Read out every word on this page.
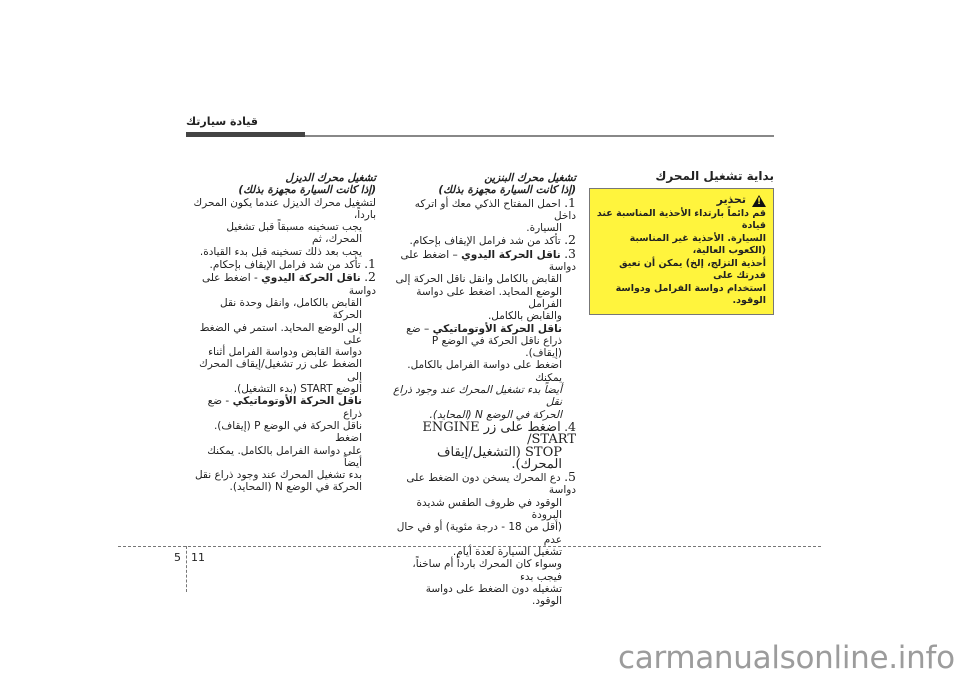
قيادة سيارتك
بداية تشغيل المحرك
!
تحذير
قم دائماً بارتداء الأحذية المناسبة عند قيادة
السيارة. الأحذية غير المناسبة (الكعوب العالية،
أحذية التزلج، إلخ) يمكن أن تعيق قدرتك على
استخدام دواسة الفرامل ودواسة الوقود.
تشغيل محرك البنزين
(إذا كانت السيارة مجهزة بذلك)
1. احمل المفتاح الذكي معك أو اتركه داخل
السيارة.
2. تأكد من شد فرامل الإيقاف بإحكام.
3. ناقل الحركة اليدوي – اضغط على دواسة
القابض بالكامل وانقل ناقل الحركة إلى
الوضع المحايد. اضغط على دواسة الفرامل
والقابض بالكامل.
ناقل الحركة الأوتوماتيكي – ضع
ذراع ناقل الحركة في الوضع P (إيقاف).
اضغط على دواسة الفرامل بالكامل. يمكنك
أيضاً بدء تشغيل المحرك عند وجود ذراع نقل
الحركة في الوضع N (المحايد).
4. اضغط على زر ENGINE START/
STOP (التشغيل/إيقاف المحرك).
5. دع المحرك يسخن دون الضغط على دواسة
الوقود في ظروف الطقس شديدة البرودة
(أقل من 18 - درجة مئوية) أو في حال عدم
تشغيل السيارة لعدة أيام.
وسواء كان المحرك بارداً أم ساخناً، فيجب بدء
تشغيله دون الضغط على دواسة الوقود.
تشغيل محرك الديزل
(إذا كانت السيارة مجهزة بذلك)
لتشغيل محرك الديزل عندما يكون المحرك بارداً،
يجب تسخينه مسبقاً قبل تشغيل المحرك، ثم
يجب بعد ذلك تسخينه قبل بدء القيادة.
1. تأكد من شد فرامل الإيقاف بإحكام.
2. ناقل الحركة اليدوي - اضغط على دواسة
القابض بالكامل، وانقل وحدة نقل الحركة
إلى الوضع المحايد. استمر في الضغط على
دواسة القابض ودواسة الفرامل أثناء
الضغط على زر تشغيل/إيقاف المحرك إلى
الوضع START (بدء التشغيل).
ناقل الحركة الأوتوماتيكي - ضع ذراع
ناقل الحركة في الوضع P (إيقاف). اضغط
على دواسة الفرامل بالكامل. يمكنك أيضاً
بدء تشغيل المحرك عند وجود ذراع نقل
الحركة في الوضع N (المحايد).
5 11
carmanualsonline.info
